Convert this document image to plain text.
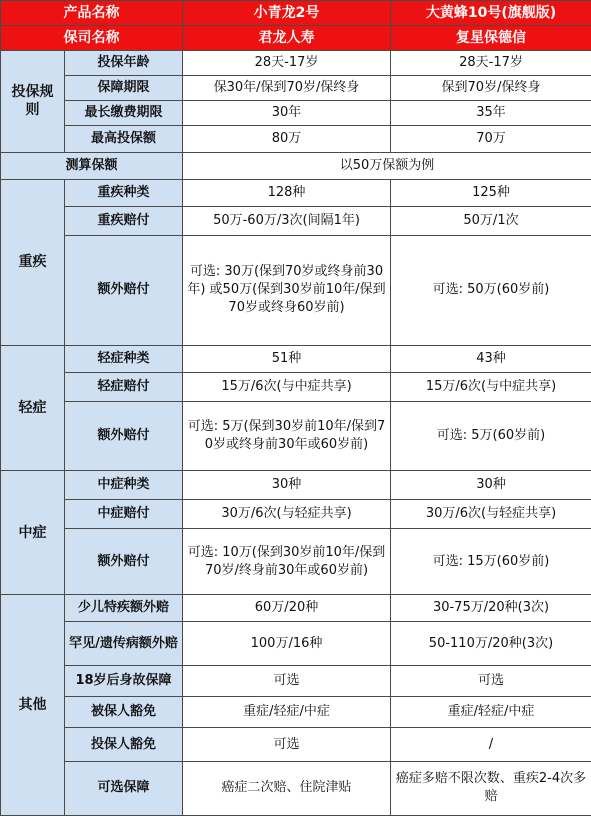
产品名称		小青龙2号	大黄蜂10号(旗舰版)
保司名称		君龙人寿	复星保德信
投保规则	投保年龄	28天-17岁	28天-17岁
	保障期限	保30年/保到70岁/保终身	保到70岁/保终身
	最长缴费期限	30年	35年
	最高投保额	80万	70万
测算保额		以50万保额为例	
重疾	重疾种类	128种	125种
	重疾赔付	50万-60万/3次(间隔1年)	50万/1次
	额外赔付	可选: 30万(保到70岁或终身前30年) 或50万(保到30岁前10年/保到70岁或终身60岁前)	可选: 50万(60岁前)
轻症	轻症种类	51种	43种
	轻症赔付	15万/6次(与中症共享)	15万/6次(与中症共享)
	额外赔付	可选: 5万(保到30岁前10年/保到70岁或终身前30年或60岁前)	可选: 5万(60岁前)
中症	中症种类	30种	30种
	中症赔付	30万/6次(与轻症共享)	30万/6次(与轻症共享)
	额外赔付	可选: 10万(保到30岁前10年/保到70岁/终身前30年或60岁前)	可选: 15万(60岁前)
其他	少儿特疾额外赔	60万/20种	30-75万/20种(3次)
	罕见/遗传病额外赔	100万/16种	50-110万/20种(3次)
	18岁后身故保障	可选	可选
	被保人豁免	重症/轻症/中症	重症/轻症/中症
	投保人豁免	可选	/
	可选保障	癌症二次赔、住院津贴	癌症多赔不限次数、重疾2-4次多赔
